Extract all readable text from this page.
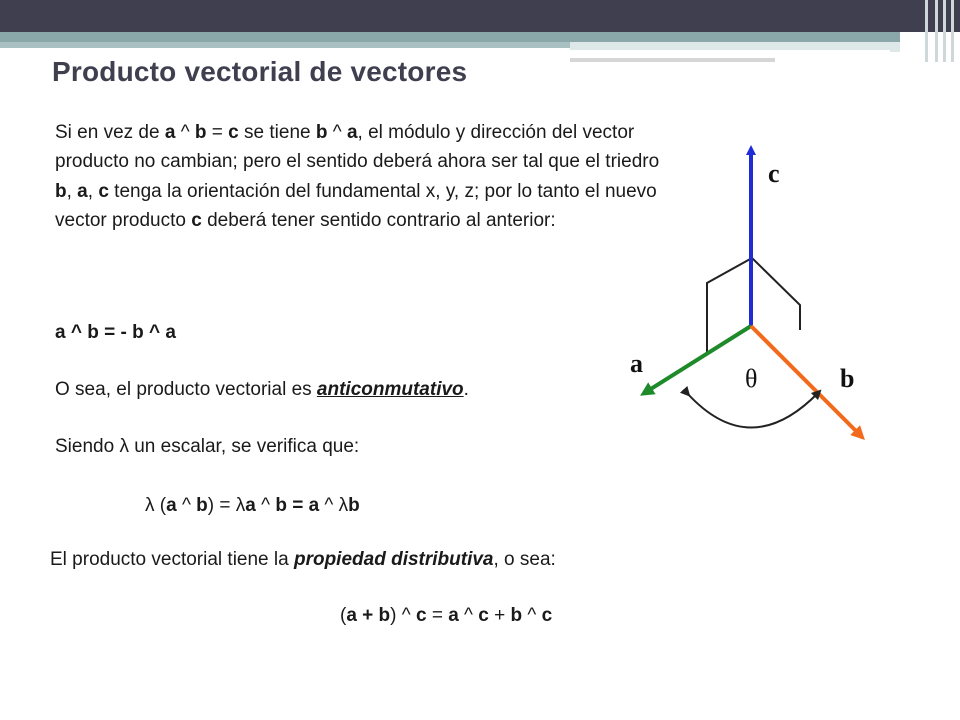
Producto vectorial de vectores

Si en vez de a ^ b = c se tiene b ^ a, el módulo y dirección del vector producto no cambian; pero el sentido deberá ahora ser tal que el triedro b, a, c tenga la orientación del fundamental x, y, z; por lo tanto el nuevo vector producto c deberá tener sentido contrario al anterior:

a ^ b = - b ^ a

O sea, el producto vectorial es anticonmutativo.

Siendo λ un escalar, se verifica que:

λ (a ^ b) = λa ^ b = a ^ λb

El producto vectorial tiene la propiedad distributiva, o sea:

(a + b) ^ c = a ^ c + b ^ c

c
a
b
θ
